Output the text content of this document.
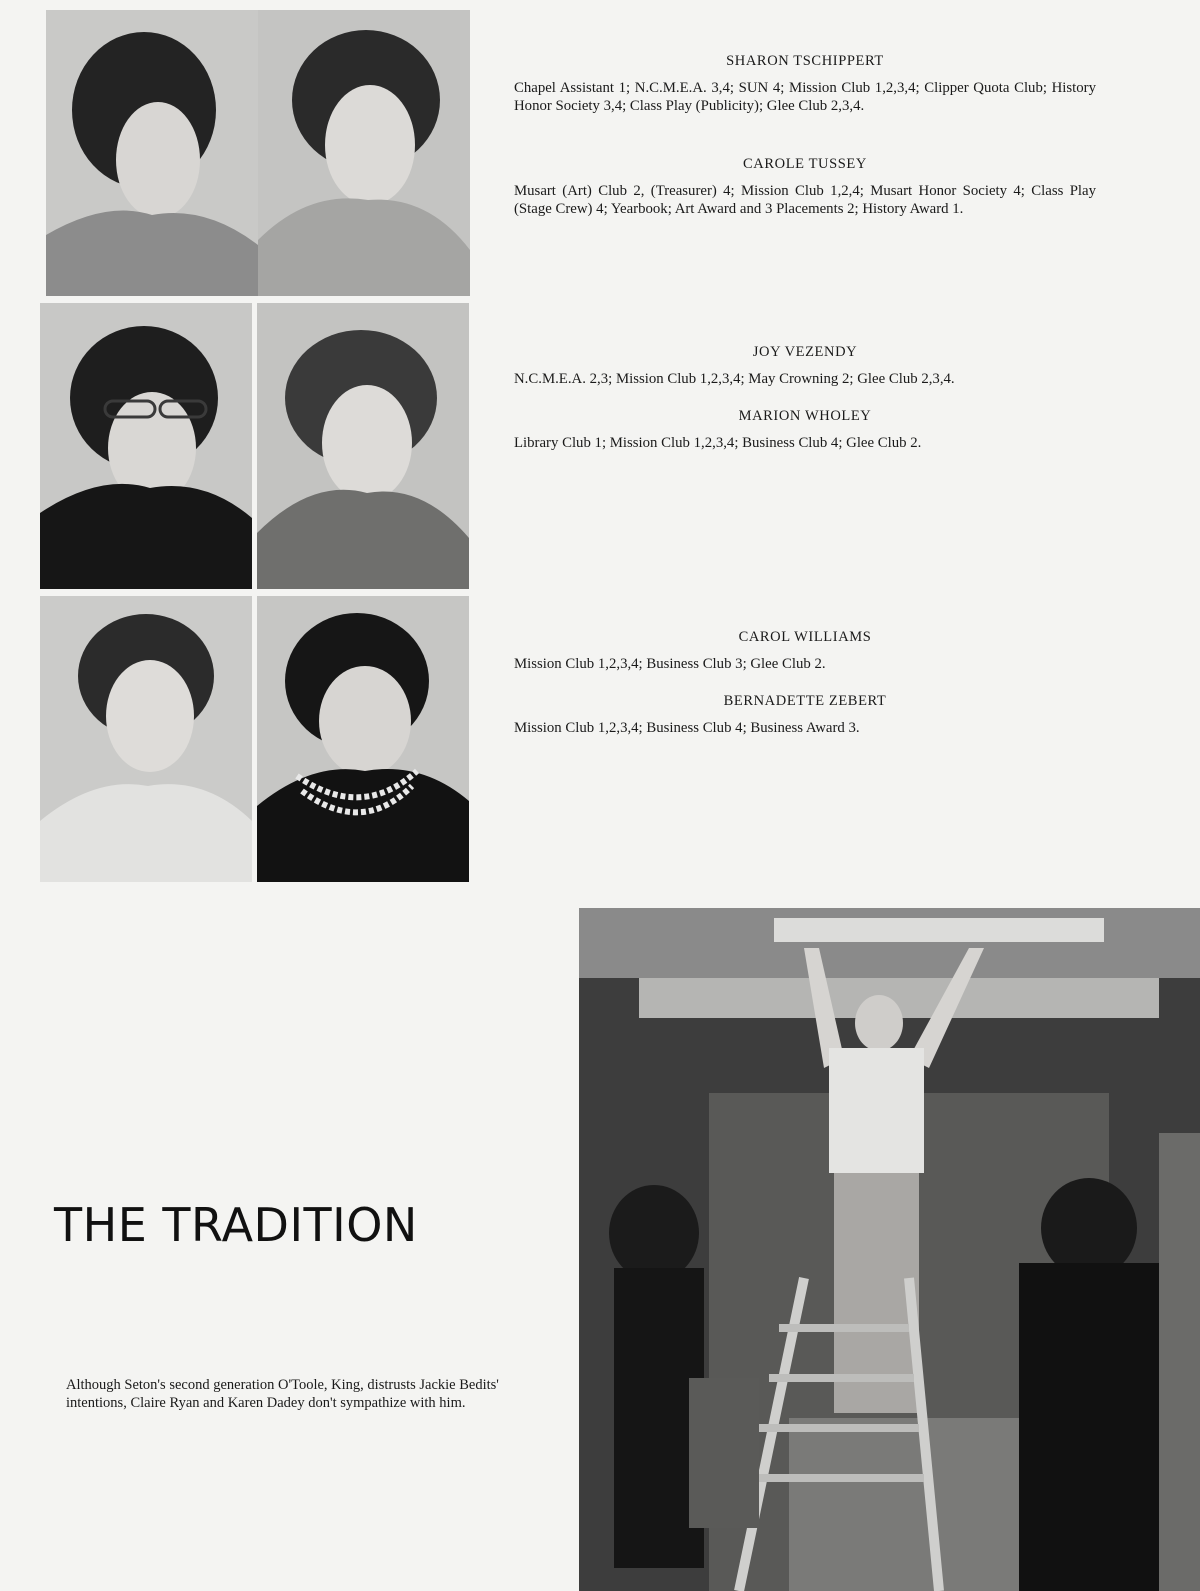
SHARON TSCHIPPERT

Chapel Assistant 1; N.C.M.E.A. 3,4; SUN 4; Mission Club 1,2,3,4; Clipper Quota Club; History Honor Society 3,4; Class Play (Publicity); Glee Club 2,3,4.

CAROLE TUSSEY

Musart (Art) Club 2, (Treasurer) 4; Mission Club 1,2,4; Musart Honor Society 4; Class Play (Stage Crew) 4; Yearbook; Art Award and 3 Placements 2; History Award 1.

JOY VEZENDY

N.C.M.E.A. 2,3; Mission Club 1,2,3,4; May Crowning 2; Glee Club 2,3,4.

MARION WHOLEY

Library Club 1; Mission Club 1,2,3,4; Business Club 4; Glee Club 2.

CAROL WILLIAMS

Mission Club 1,2,3,4; Business Club 3; Glee Club 2.

BERNADETTE ZEBERT

Mission Club 1,2,3,4; Business Club 4; Business Award 3.

THE TRADITION

Although Seton's second generation O'Toole, King, distrusts Jackie Bedits' intentions, Claire Ryan and Karen Dadey don't sympathize with him.
